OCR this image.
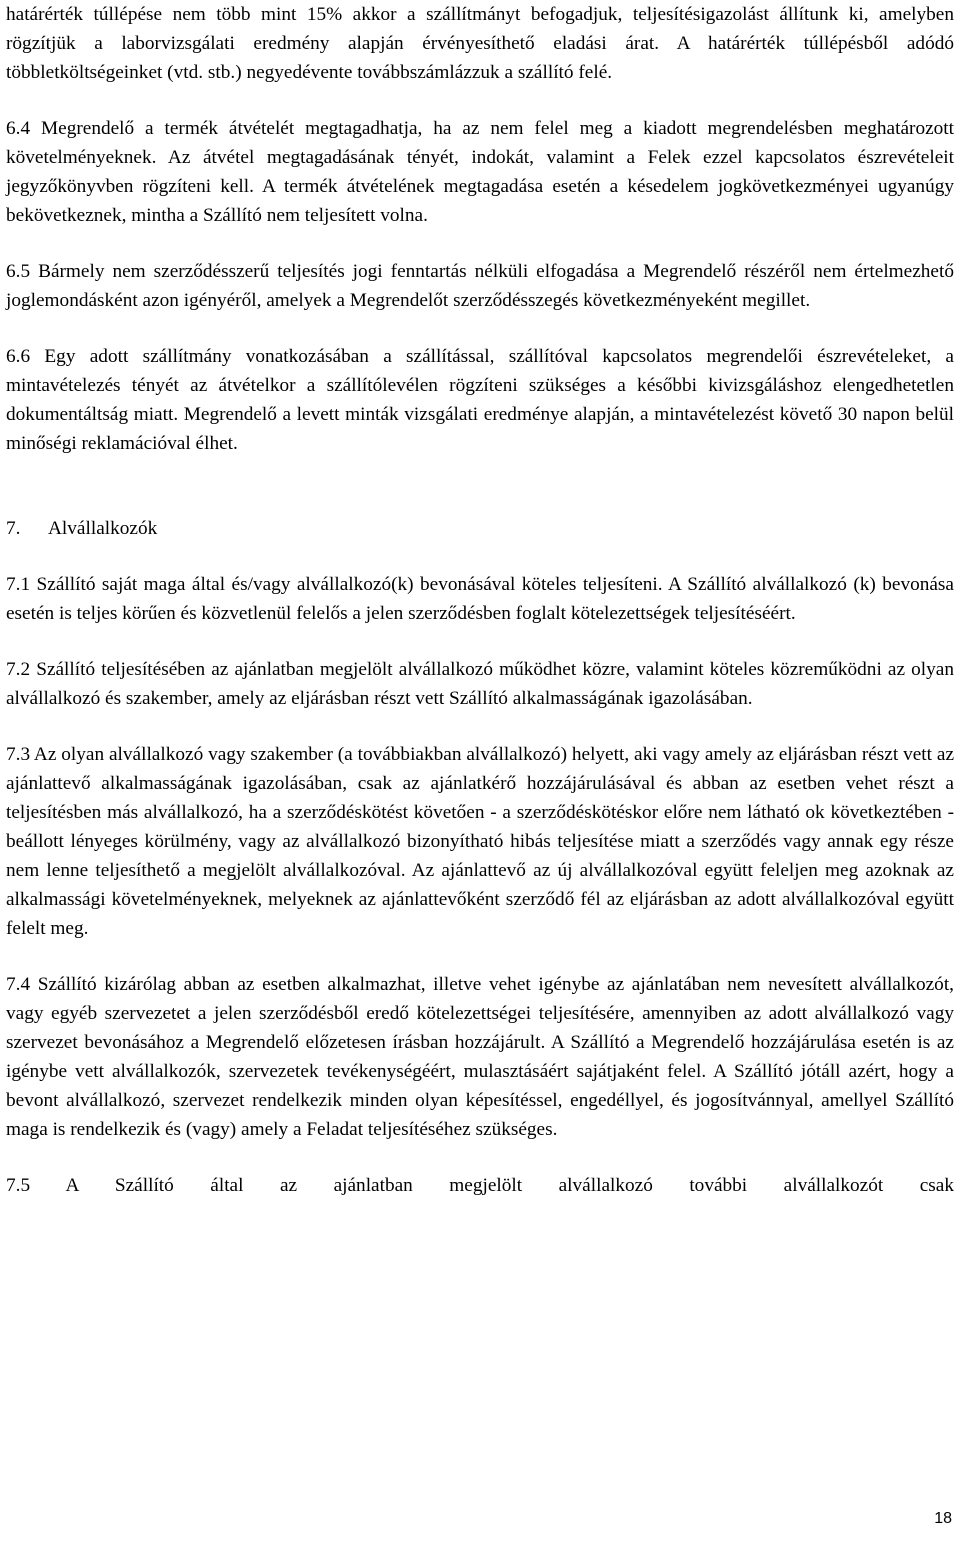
határérték túllépése nem több mint 15% akkor a szállítmányt befogadjuk, teljesítésigazolást állítunk ki, amelyben rögzítjük a laborvizsgálati eredmény alapján érvényesíthető eladási árat. A határérték túllépésből adódó többletköltségeinket (vtd. stb.) negyedévente továbbszámlázzuk a szállító felé.

6.4 Megrendelő a termék átvételét megtagadhatja, ha az nem felel meg a kiadott megrendelésben meghatározott követelményeknek. Az átvétel megtagadásának tényét, indokát, valamint a Felek ezzel kapcsolatos észrevételeit jegyzőkönyvben rögzíteni kell. A termék átvételének megtagadása esetén a késedelem jogkövetkezményei ugyanúgy bekövetkeznek, mintha a Szállító nem teljesített volna.

6.5 Bármely nem szerződésszerű teljesítés jogi fenntartás nélküli elfogadása a Megrendelő részéről nem értelmezhető joglemondásként azon igényéről, amelyek a Megrendelőt szerződésszegés következményeként megillet.

6.6 Egy adott szállítmány vonatkozásában a szállítással, szállítóval kapcsolatos megrendelői észrevételeket, a mintavételezés tényét az átvételkor a szállítólevélen rögzíteni szükséges a későbbi kivizsgáláshoz elengedhetetlen dokumentáltság miatt. Megrendelő a levett minták vizsgálati eredménye alapján, a mintavételezést követő 30 napon belül minőségi reklamációval élhet.

7.	Alvállalkozók

7.1 Szállító saját maga által és/vagy alvállalkozó(k) bevonásával köteles teljesíteni. A Szállító alvállalkozó (k) bevonása esetén is teljes körűen és közvetlenül felelős a jelen szerződésben foglalt kötelezettségek teljesítéséért.

7.2 Szállító teljesítésében az ajánlatban megjelölt alvállalkozó működhet közre, valamint köteles közreműködni az olyan alvállalkozó és szakember, amely az eljárásban részt vett Szállító alkalmasságának igazolásában.

7.3 Az olyan alvállalkozó vagy szakember (a továbbiakban alvállalkozó) helyett, aki vagy amely az eljárásban részt vett az ajánlattevő alkalmasságának igazolásában, csak az ajánlatkérő hozzájárulásával és abban az esetben vehet részt a teljesítésben más alvállalkozó, ha a szerződéskötést követően - a szerződéskötéskor előre nem látható ok következtében - beállott lényeges körülmény, vagy az alvállalkozó bizonyítható hibás teljesítése miatt a szerződés vagy annak egy része nem lenne teljesíthető a megjelölt alvállalkozóval. Az ajánlattevő az új alvállalkozóval együtt feleljen meg azoknak az alkalmassági követelményeknek, melyeknek az ajánlattevőként szerződő fél az eljárásban az adott alvállalkozóval együtt felelt meg.

7.4 Szállító kizárólag abban az esetben alkalmazhat, illetve vehet igénybe az ajánlatában nem nevesített alvállalkozót, vagy egyéb szervezetet a jelen szerződésből eredő kötelezettségei teljesítésére, amennyiben az adott alvállalkozó vagy szervezet bevonásához a Megrendelő előzetesen írásban hozzájárult. A Szállító a Megrendelő hozzájárulása esetén is az igénybe vett alvállalkozók, szervezetek tevékenységéért, mulasztásáért sajátjaként felel. A Szállító jótáll azért, hogy a bevont alvállalkozó, szervezet rendelkezik minden olyan képesítéssel, engedéllyel, és jogosítvánnyal, amellyel Szállító maga is rendelkezik és (vagy) amely a Feladat teljesítéséhez szükséges.

7.5 A Szállító által az ajánlatban megjelölt alvállalkozó további alvállalkozót csak

18
